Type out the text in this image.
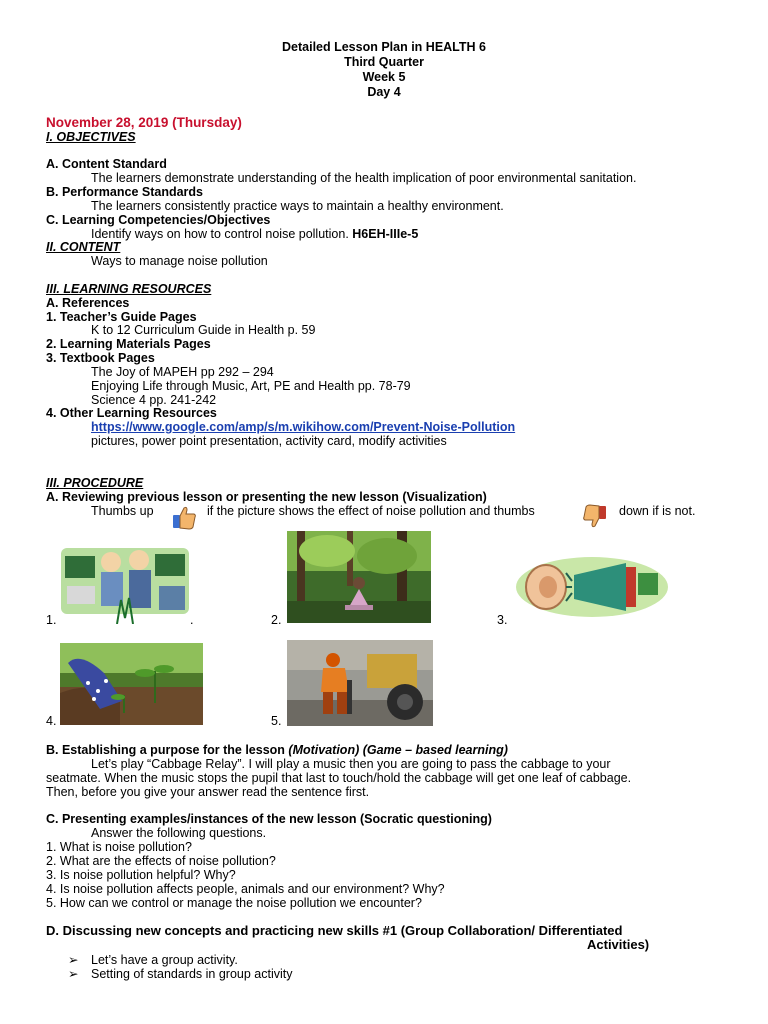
Detailed Lesson Plan in HEALTH 6
Third Quarter
Week 5
Day 4
November 28, 2019 (Thursday)
I. OBJECTIVES
A. Content Standard
The learners demonstrate understanding of the health implication of poor environmental sanitation.
B. Performance Standards
The learners consistently practice ways to maintain a healthy environment.
C. Learning Competencies/Objectives
Identify ways on how to control noise pollution. H6EH-IIIe-5
II. CONTENT
Ways to manage noise pollution
III. LEARNING RESOURCES
A. References
1. Teacher’s Guide Pages
K to 12 Curriculum Guide in Health p. 59
2. Learning Materials Pages
3. Textbook Pages
The Joy of MAPEH pp 292 – 294
Enjoying Life through Music, Art, PE and Health pp. 78-79
Science 4 pp. 241-242
4. Other Learning Resources
https://www.google.com/amp/s/m.wikihow.com/Prevent-Noise-Pollution
pictures, power point presentation, activity card, modify activities
III. PROCEDURE
A. Reviewing previous lesson or presenting the new lesson (Visualization)
Thumbs up	if the picture shows the effect of noise pollution and thumbs	down if is not.
1.	.	2.	3.
4.	5.
B. Establishing a purpose for the lesson (Motivation) (Game – based learning)
Let’s play “Cabbage Relay”. I will play a music then you are going to pass the cabbage to your
seatmate. When the music stops the pupil that last to touch/hold the cabbage will get one leaf of cabbage.
Then, before you give your answer read the sentence first.
C. Presenting examples/instances of the new lesson (Socratic questioning)
Answer the following questions.
1. What is noise pollution?
2. What are the effects of noise pollution?
3. Is noise pollution helpful? Why?
4. Is noise pollution affects people, animals and our environment? Why?
5. How can we control or manage the noise pollution we encounter?
D. Discussing new concepts and practicing new skills #1 (Group Collaboration/ Differentiated
Activities)
➢ Let’s have a group activity.
➢ Setting of standards in group activity
